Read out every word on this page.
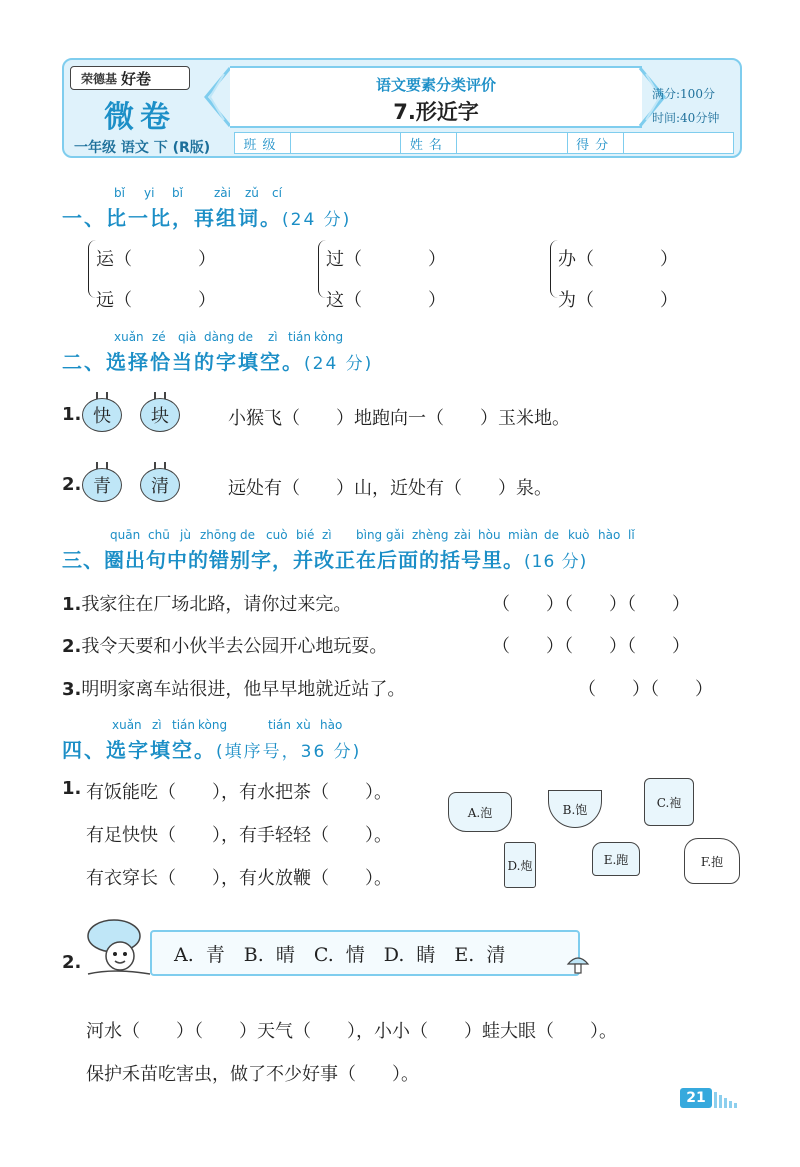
荣德基 好卷
微卷
一年级 语文 下 (R版)
语文要素分类评价
7.形近字
满分:100分
时间:40分钟
班级	姓名	得分
bǐ yi bǐ	zài zǔ cí
一、比一比，再组词。(24 分)
运（	）
远（	）
过（	）
这（	）
办（	）
为（	）
xuǎn zé qià dàng de zì tián kòng
二、选择恰当的字填空。(24 分)
1. 快	块	小猴飞（　　）地跑向一（　　）玉米地。
2. 青	清	远处有（　　）山，近处有（　　）泉。
quān chū jù zhōng de cuò bié zì bìng gǎi zhèng zài hòu miàn de kuò hào lǐ
三、圈出句中的错别字，并改正在后面的括号里。(16 分)
1.我家往在厂场北路，请你过来完。	（　　）（　　）（　　）
2.我令天要和小伙半去公园开心地玩耍。	（　　）（　　）（　　）
3.明明家离车站很进，他早早地就近站了。	（　　）（　　）
xuǎn zì tián kòng	tián xù hào
四、选字填空。(填序号，36 分)
1. 有饭能吃（　　），有水把茶（　　）。
有足快快（　　），有手轻轻（　　）。
有衣穿长（　　），有火放鞭（　　）。
A.泡	B.饱	C.袍
D.炮	E.跑	F.抱
2.	A. 青　B. 晴　C. 情　D. 睛　E. 清
河水（　　）（　　）天气（　　），小小（　　）蛙大眼（　　）。
保护禾苗吃害虫，做了不少好事（　　）。
21
